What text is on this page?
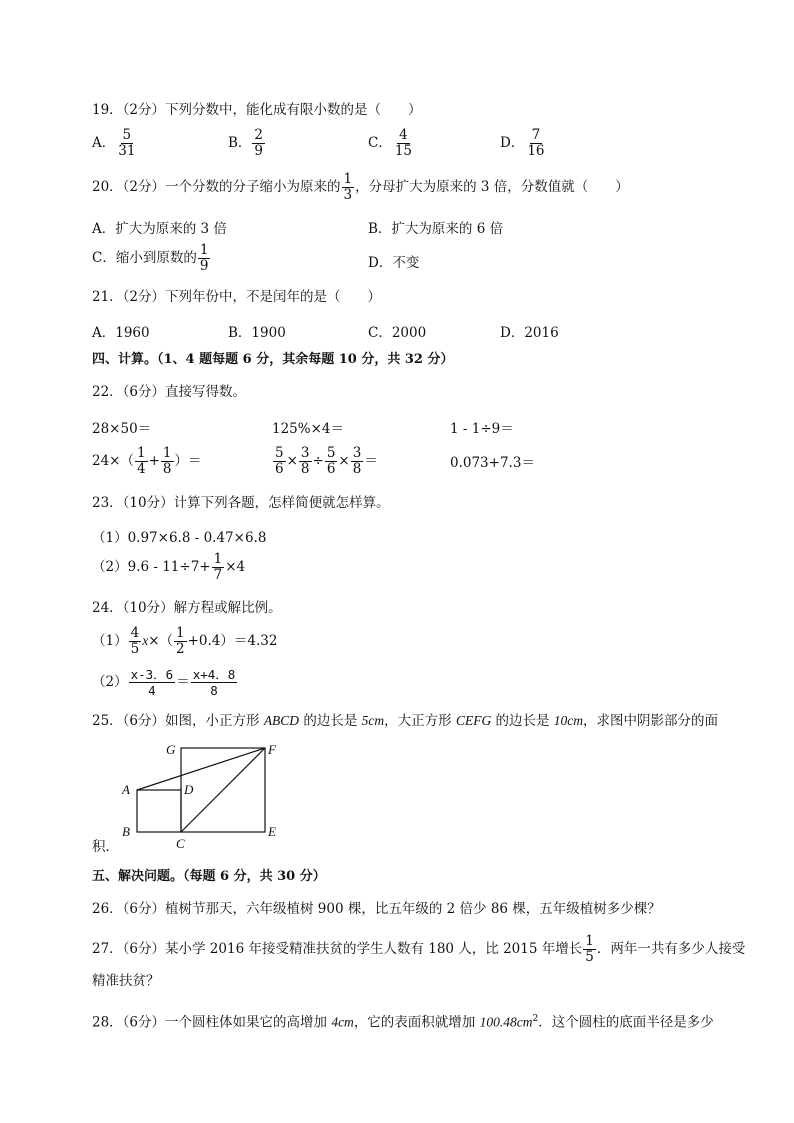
19．（2分）下列分数中，能化成有限小数的是（　　）
A． $\frac{5}{31}$	B． $\frac{2}{9}$	C． $\frac{4}{15}$	D． $\frac{7}{16}$
20．（2分）一个分数的分子缩小为原来的 $\frac{1}{3}$ ，分母扩大为原来的 3 倍，分数值就（　　）
A．扩大为原来的 3 倍	B．扩大为原来的 6 倍
C．缩小到原数的 $\frac{1}{9}$	D．不变
21．（2分）下列年份中，不是闰年的是（　　）
A．1960	B．1900	C．2000	D．2016
四、计算。（1、4 题每题 6 分，其余每题 10 分，共 32 分）
22．（6分）直接写得数。
28×50＝	125%×4＝	1 - 1÷9＝
$24\times( \frac{1}{4} + \frac{1}{8}$ ）＝	$\frac{5}{6} \times \frac{3}{8} \div \frac{5}{6} \times \frac{3}{8}$ ＝	0.073+7.3＝
23．（10分）计算下列各题，怎样简便就怎样算。
（1）0.97×6.8 - 0.47×6.8
$(2)9.6 - 11\div 7+ \frac{1}{7} \times 4$
24．（10分）解方程或解比例。
$(1) \frac{4}{5} x\times( \frac{1}{2} +0.4)=4.32$
$(2) \frac{x-3.6}{4} = \frac{x+4.8}{8}$
25．（6分）如图，小正方形 ABCD 的边长是 5cm，大正方形 CEFG 的边长是 10cm，求图中阴影部分的面
G	F
A	D
B
C
E
积．
五、解决问题。（每题 6 分，共 30 分）
26．（6分）植树节那天，六年级植树 900 棵，比五年级的 2 倍少 86 棵，五年级植树多少棵？
27．（6分）某小学 2016 年接受精准扶贫的学生人数有 180 人，比 2015 年增长 $\frac{1}{5}$ ．两年一共有多少人接受
精准扶贫？
28．（6分）一个圆柱体如果它的高增加 4cm，它的表面积就增加 $100.48cm^2$．这个圆柱的底面半径是多少
